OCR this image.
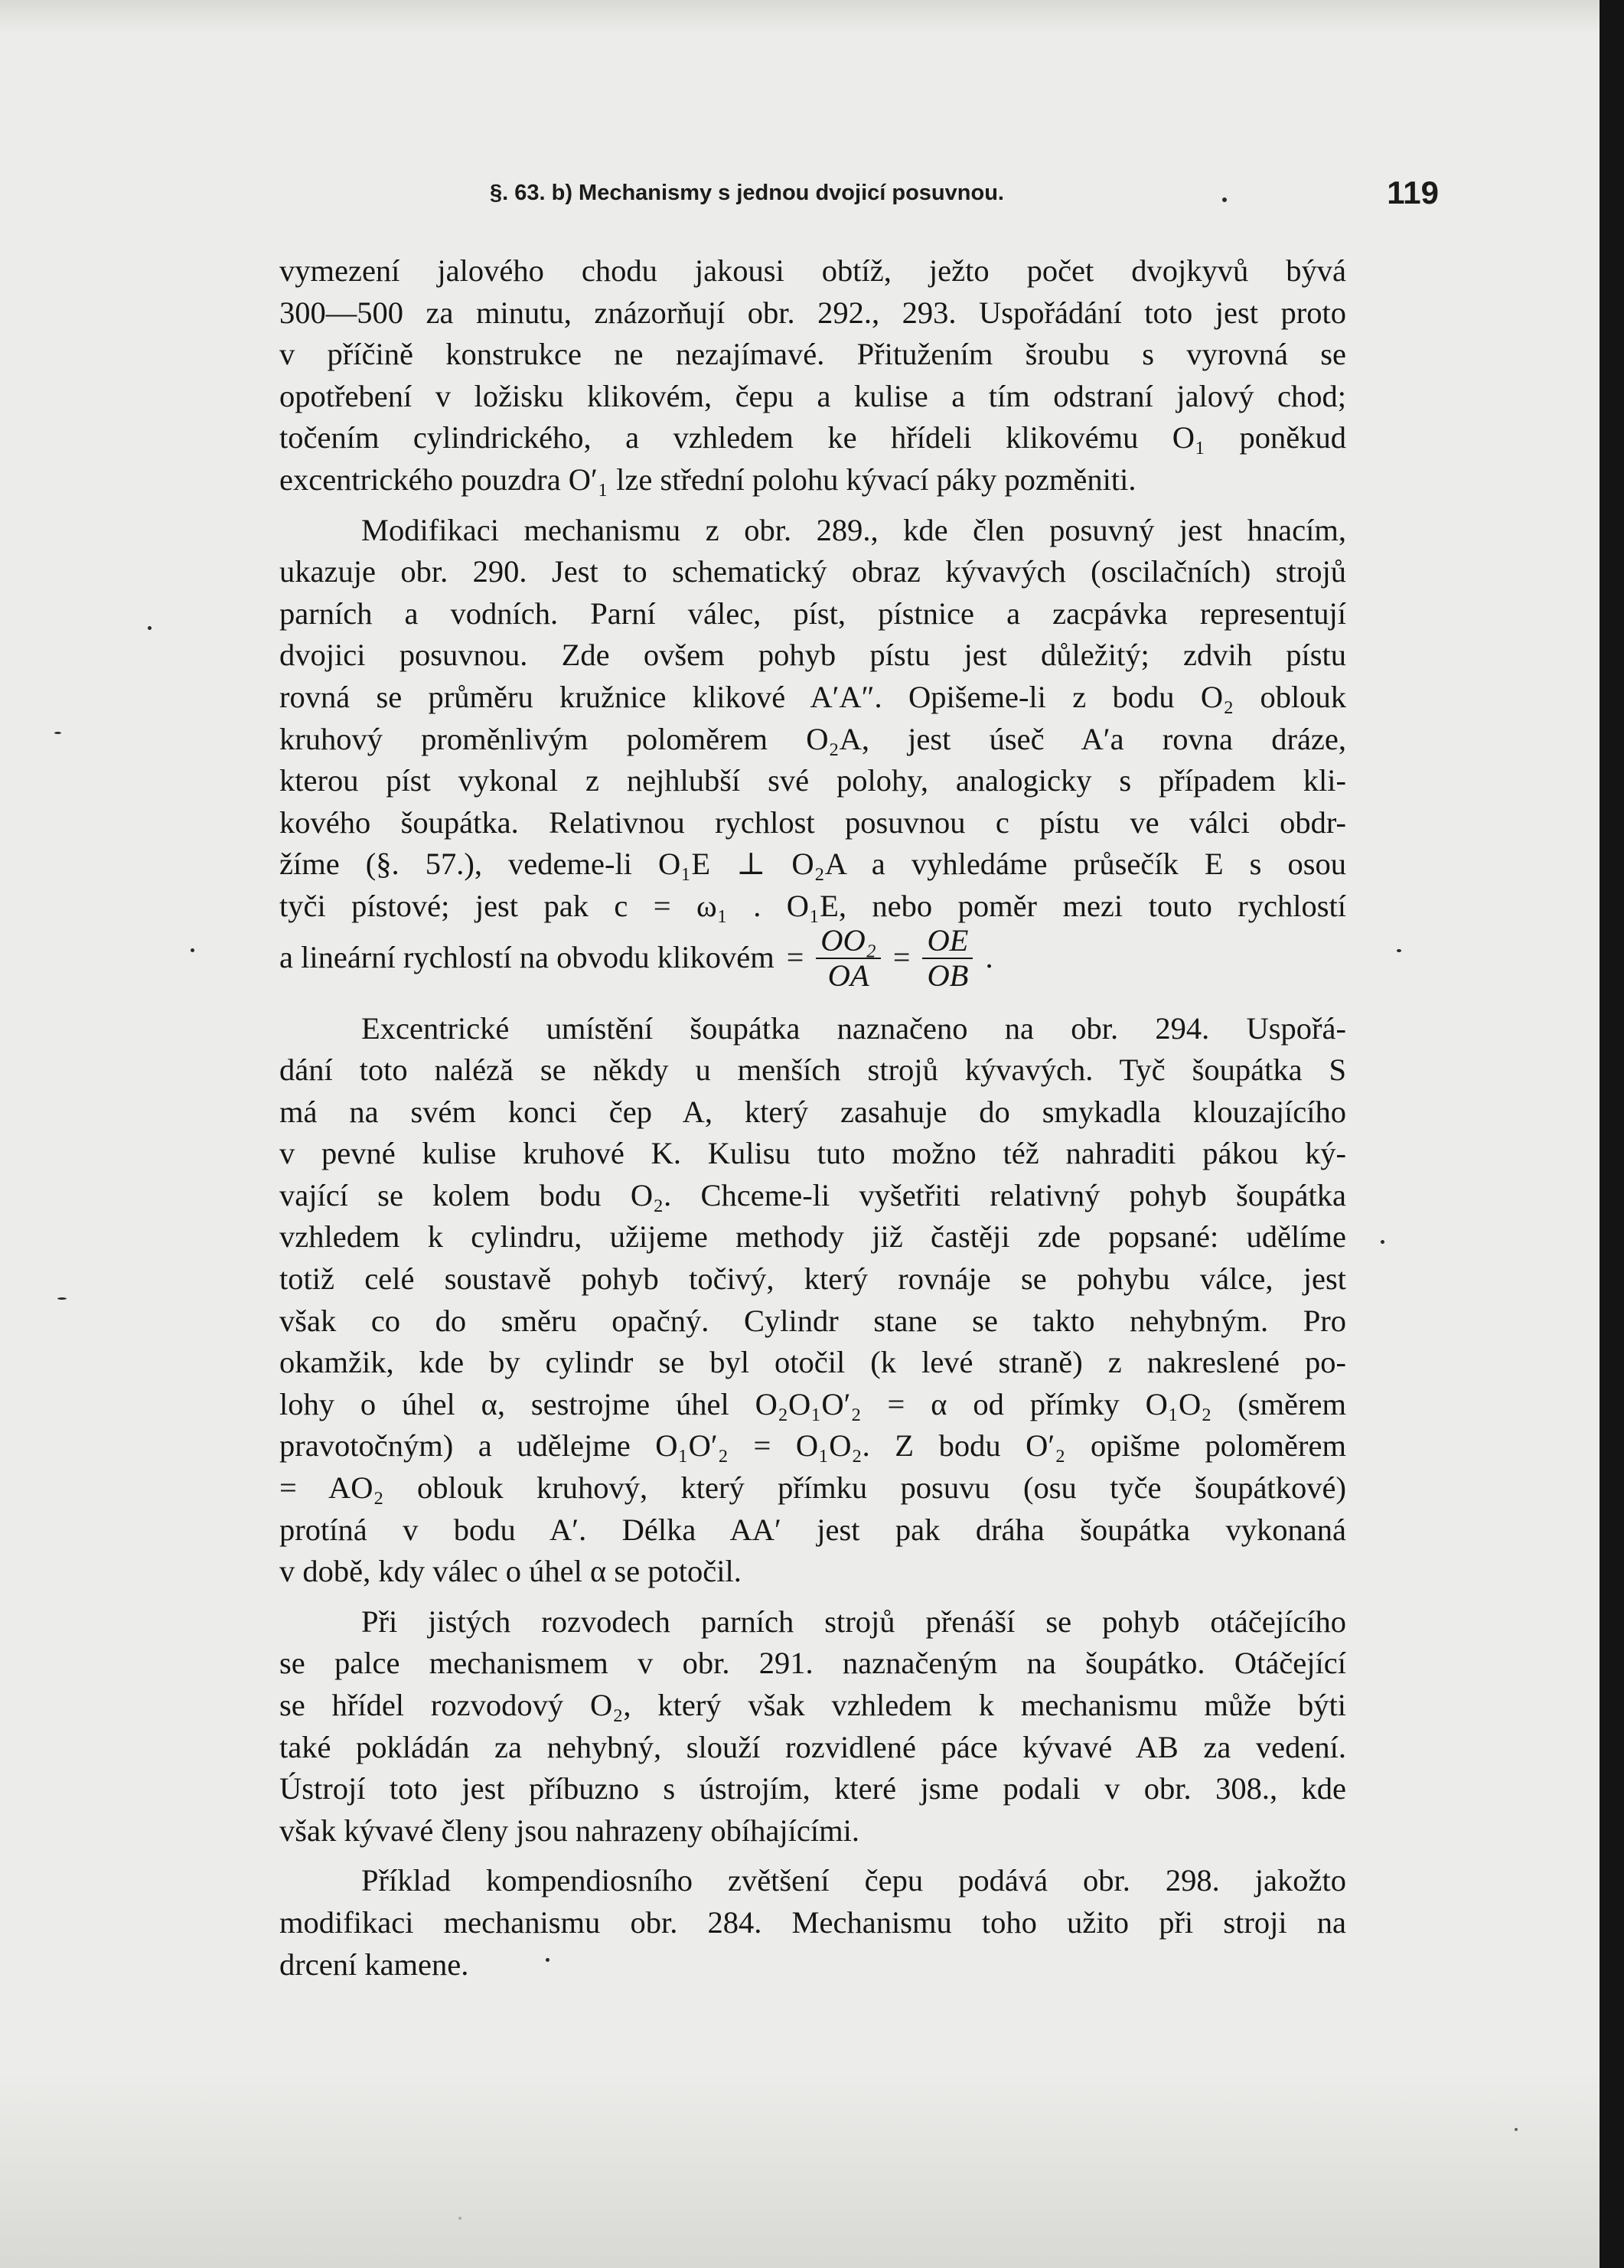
§. 63. b) Mechanismy s jednou dvojicí posuvnou.	119

vymezení jalového chodu jakousi obtíž, ježto počet dvojkyvů bývá
300—500 za minutu, znázorňují obr. 292., 293. Uspořádání toto jest proto
v příčině konstrukce ne nezajímavé. Přitužením šroubu s vyrovná se
opotřebení v ložisku klikovém, čepu a kulise a tím odstraní jalový chod;
točením cylindrického, a vzhledem ke hřídeli klikovému O₁ poněkud
excentrického pouzdra O′₁ lze střední polohu kývací páky pozměniti.

Modifikaci mechanismu z obr. 289., kde člen posuvný jest hnacím,
ukazuje obr. 290. Jest to schematický obraz kývavých (oscilačních) strojů
parních a vodních. Parní válec, píst, pístnice a zacpávka representují
dvojici posuvnou. Zde ovšem pohyb pístu jest důležitý; zdvih pístu
rovná se průměru kružnice klikové A′A″. Opišeme-li z bodu O₂ oblouk
kruhový proměnlivým poloměrem O₂A, jest úseč A′a rovna dráze,
kterou píst vykonal z nejhlubší své polohy, analogicky s případem kli-
kového šoupátka. Relativnou rychlost posuvnou c pístu ve válci obdr-
žíme (§. 57.), vedeme-li O₁E ⊥ O₂A a vyhledáme průsečík E s osou
tyči pístové; jest pak c = ω₁ . O₁E, nebo poměr mezi touto rychlostí
a lineární rychlostí na obvodu klikovém = $\frac{\text{OO₂}}{OA} = \frac{OE}{OB}$ .

Excentrické umístění šoupátka naznačeno na obr. 294. Uspořá-
dání toto naléză se někdy u menších strojů kývavých. Tyč šoupátka S
má na svém konci čep A, který zasahuje do smykadla klouzajícího
v pevné kulise kruhové K. Kulisu tuto možno též nahraditi pákou ký-
vající se kolem bodu O₂. Chceme-li vyšetřiti relativný pohyb šoupátka
vzhledem k cylindru, užijeme methody již častěji zde popsané: udělíme
totiž celé soustavě pohyb točivý, který rovnáje se pohybu válce, jest
však co do směru opačný. Cylindr stane se takto nehybným. Pro
okamžik, kde by cylindr se byl otočil (k levé straně) z nakreslené po-
lohy o úhel α, sestrojme úhel O₂O₁O′₂ = α od přímky O₁O₂ (směrem
pravotočným) a udělejme O₁O′₂ = O₁O₂. Z bodu O′₂ opišme poloměrem
= AO₂ oblouk kruhový, který přímku posuvu (osu tyče šoupátkové)
protíná v bodu A′. Délka AA′ jest pak dráha šoupátka vykonaná
v době, kdy válec o úhel α se potočil.

Při jistých rozvodech parních strojů přenáší se pohyb otáčejícího
se palce mechanismem v obr. 291. naznačeným na šoupátko. Otáčející
se hřídel rozvodový O₂, který však vzhledem k mechanismu může býti
také pokládán za nehybný, slouží rozvidlené páce kývavé AB za vedení.
Ústrojí toto jest příbuzno s ústrojím, které jsme podali v obr. 308., kde
však kývavé členy jsou nahrazeny obíhajícími.

Příklad kompendiosního zvětšení čepu podává obr. 298. jakožto
modifikaci mechanismu obr. 284. Mechanismu toho užito při stroji na
drcení kamene.
